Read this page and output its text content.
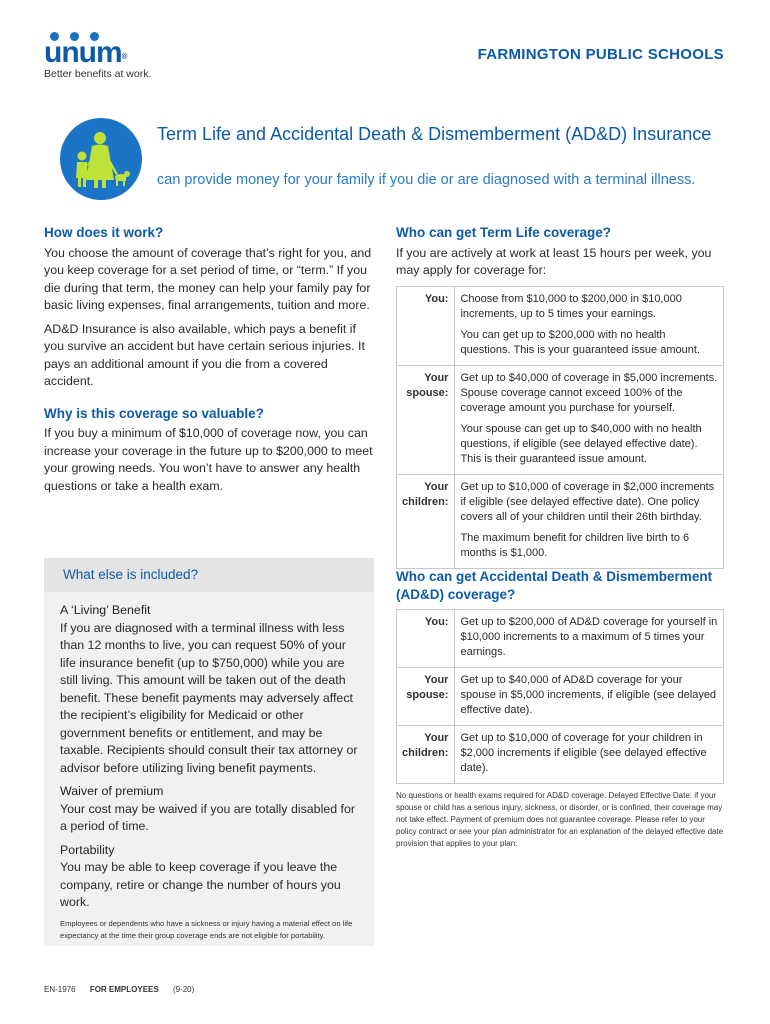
unum®
Better benefits at work.
FARMINGTON PUBLIC SCHOOLS
Term Life and Accidental Death & Dismemberment (AD&D) Insurance
can provide money for your family if you die or are diagnosed with a terminal illness.
How does it work?

You choose the amount of coverage that’s right for you, and you keep coverage for a set period of time, or “term.” If you die during that term, the money can help your family pay for basic living expenses, final arrangements, tuition and more.

AD&D Insurance is also available, which pays a benefit if you survive an accident but have certain serious injuries. It pays an additional amount if you die from a covered accident.

Why is this coverage so valuable?

If you buy a minimum of $10,000 of coverage now, you can increase your coverage in the future up to $200,000 to meet your growing needs. You won’t have to answer any health questions or take a health exam.

Who can get Term Life coverage?

If you are actively at work at least 15 hours per week, you may apply for coverage for:

You:	Choose from $10,000 to $200,000 in $10,000 increments, up to 5 times your earnings.

You can get up to $200,000 with no health questions. This is your guaranteed issue amount.

Your spouse:	Get up to $40,000 of coverage in $5,000 increments. Spouse coverage cannot exceed 100% of the coverage amount you purchase for yourself.

Your spouse can get up to $40,000 with no health questions, if eligible (see delayed effective date). This is their guaranteed issue amount.

Your children:	Get up to $10,000 of coverage in $2,000 increments if eligible (see delayed effective date). One policy covers all of your children until their 26th birthday.

The maximum benefit for children live birth to 6 months is $1,000.

What else is included?
A ‘Living’ Benefit

If you are diagnosed with a terminal illness with less than 12 months to live, you can request 50% of your life insurance benefit (up to $750,000) while you are still living. This amount will be taken out of the death benefit. These benefit payments may adversely affect the recipient’s eligibility for Medicaid or other government benefits or entitlement, and may be taxable. Recipients should consult their tax attorney or advisor before utilizing living benefit payments.

Waiver of premium

Your cost may be waived if you are totally disabled for a period of time.

Portability

You may be able to keep coverage if you leave the company, retire or change the number of hours you work.

Employees or dependents who have a sickness or injury having a material effect on life expectancy at the time their group coverage ends are not eligible for portability.

Who can get Accidental Death & Dismemberment (AD&D) coverage?
You:	Get up to $200,000 of AD&D coverage for yourself in $10,000 increments to a maximum of 5 times your earnings.

Your spouse:	Get up to $40,000 of AD&D coverage for your spouse in $5,000 increments, if eligible (see delayed effective date).

Your children:	Get up to $10,000 of coverage for your children in $2,000 increments if eligible (see delayed effective date).

No questions or health exams required for AD&D coverage. Delayed Effective Date: if your spouse or child has a serious injury, sickness, or disorder, or is confined, their coverage may not take effect. Payment of premium does not guarantee coverage. Please refer to your policy contract or see your plan administrator for an explanation of the delayed effective date provision that applies to your plan.

EN-1976 FOR EMPLOYEES (9-20)
